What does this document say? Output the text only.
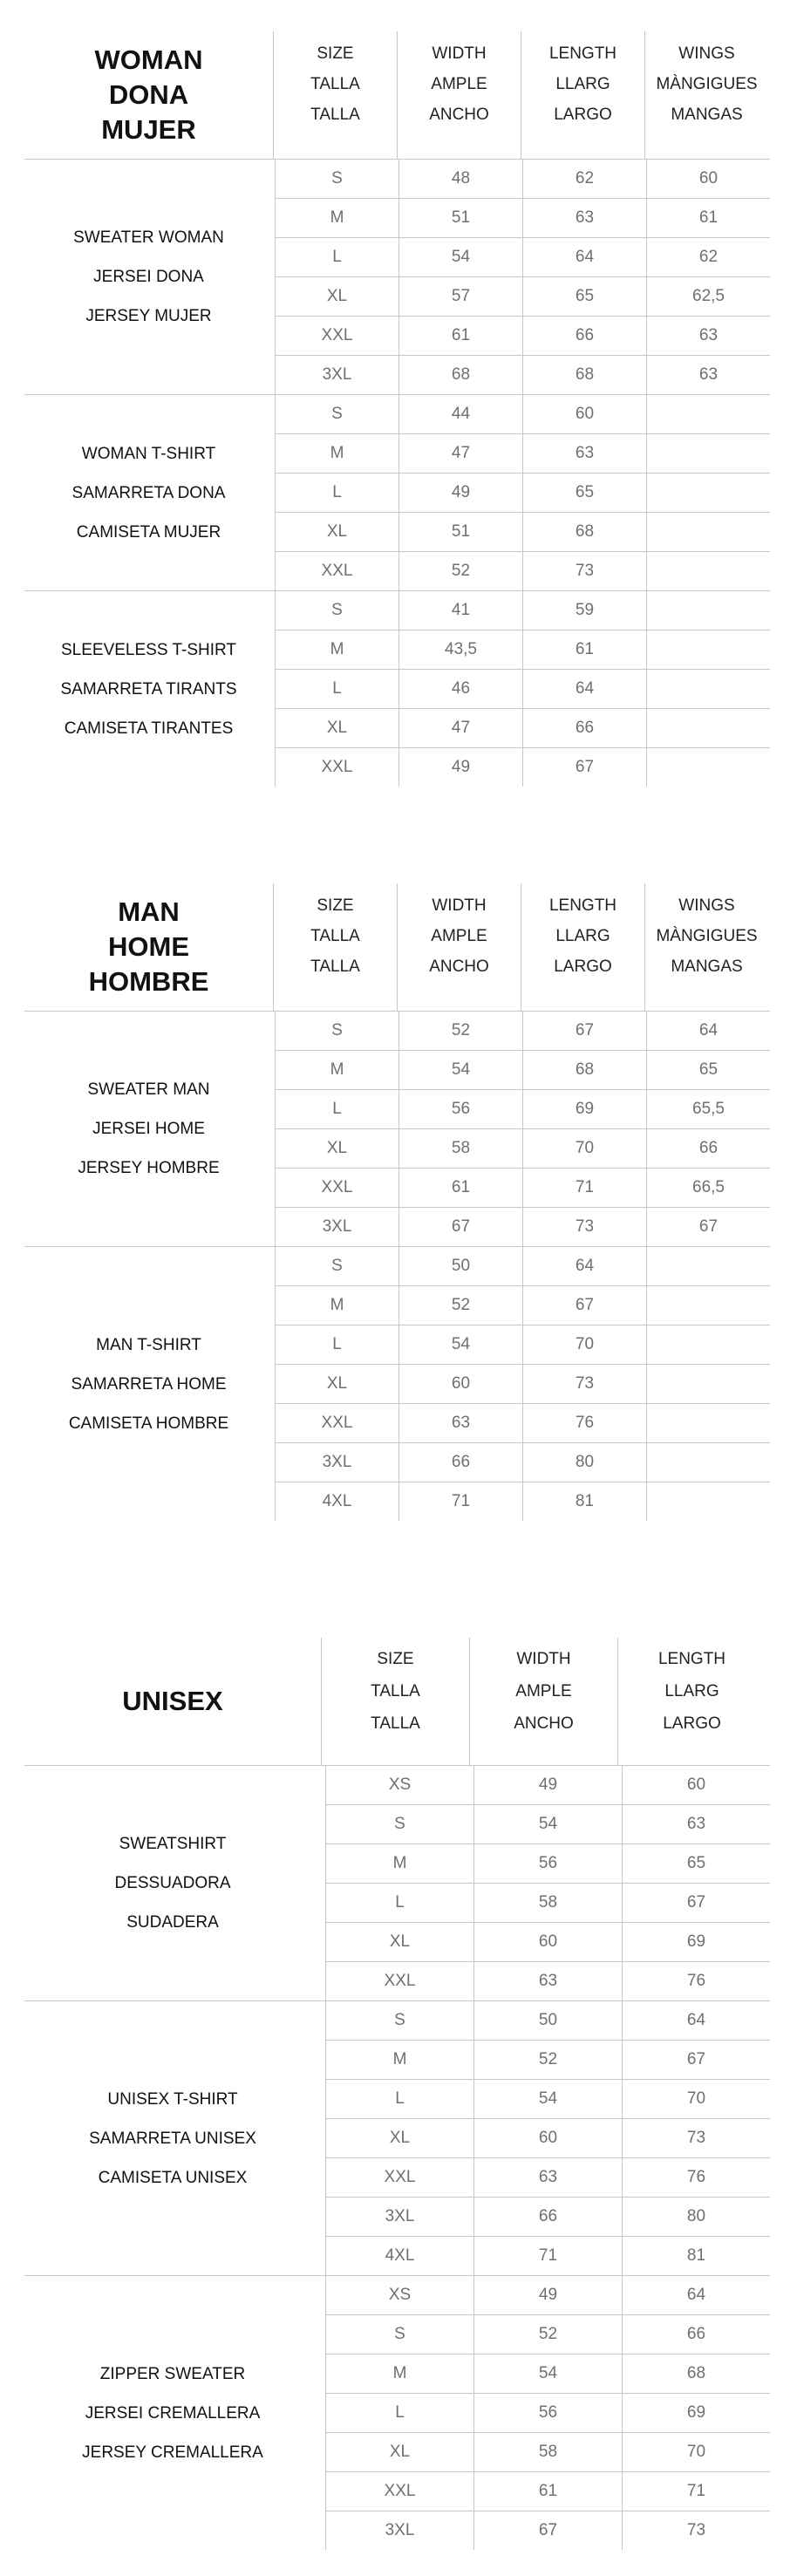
WOMAN
DONA
MUJER
SIZE
TALLA
TALLA
WIDTH
AMPLE
ANCHO
LENGTH
LLARG
LARGO
WINGS
MÀNGIGUES
MANGAS
SWEATER WOMAN
JERSEI DONA
JERSEY MUJER
S	48	62	60
M	51	63	61
L	54	64	62
XL	57	65	62,5
XXL	61	66	63
3XL	68	68	63
WOMAN T-SHIRT
SAMARRETA DONA
CAMISETA MUJER
S	44	60
M	47	63
L	49	65
XL	51	68
XXL	52	73
SLEEVELESS T-SHIRT
SAMARRETA TIRANTS
CAMISETA TIRANTES
S	41	59
M	43,5	61
L	46	64
XL	47	66
XXL	49	67
MAN
HOME
HOMBRE
SIZE
TALLA
TALLA
WIDTH
AMPLE
ANCHO
LENGTH
LLARG
LARGO
WINGS
MÀNGIGUES
MANGAS
SWEATER MAN
JERSEI HOME
JERSEY HOMBRE
S	52	67	64
M	54	68	65
L	56	69	65,5
XL	58	70	66
XXL	61	71	66,5
3XL	67	73	67
MAN T-SHIRT
SAMARRETA HOME
CAMISETA HOMBRE
S	50	64
M	52	67
L	54	70
XL	60	73
XXL	63	76
3XL	66	80
4XL	71	81
UNISEX
SIZE
TALLA
TALLA
WIDTH
AMPLE
ANCHO
LENGTH
LLARG
LARGO
SWEATSHIRT
DESSUADORA
SUDADERA
XS	49	60
S	54	63
M	56	65
L	58	67
XL	60	69
XXL	63	76
UNISEX T-SHIRT
SAMARRETA UNISEX
CAMISETA UNISEX
S	50	64
M	52	67
L	54	70
XL	60	73
XXL	63	76
3XL	66	80
4XL	71	81
ZIPPER SWEATER
JERSEI CREMALLERA
JERSEY CREMALLERA
XS	49	64
S	52	66
M	54	68
L	56	69
XL	58	70
XXL	61	71
3XL	67	73
